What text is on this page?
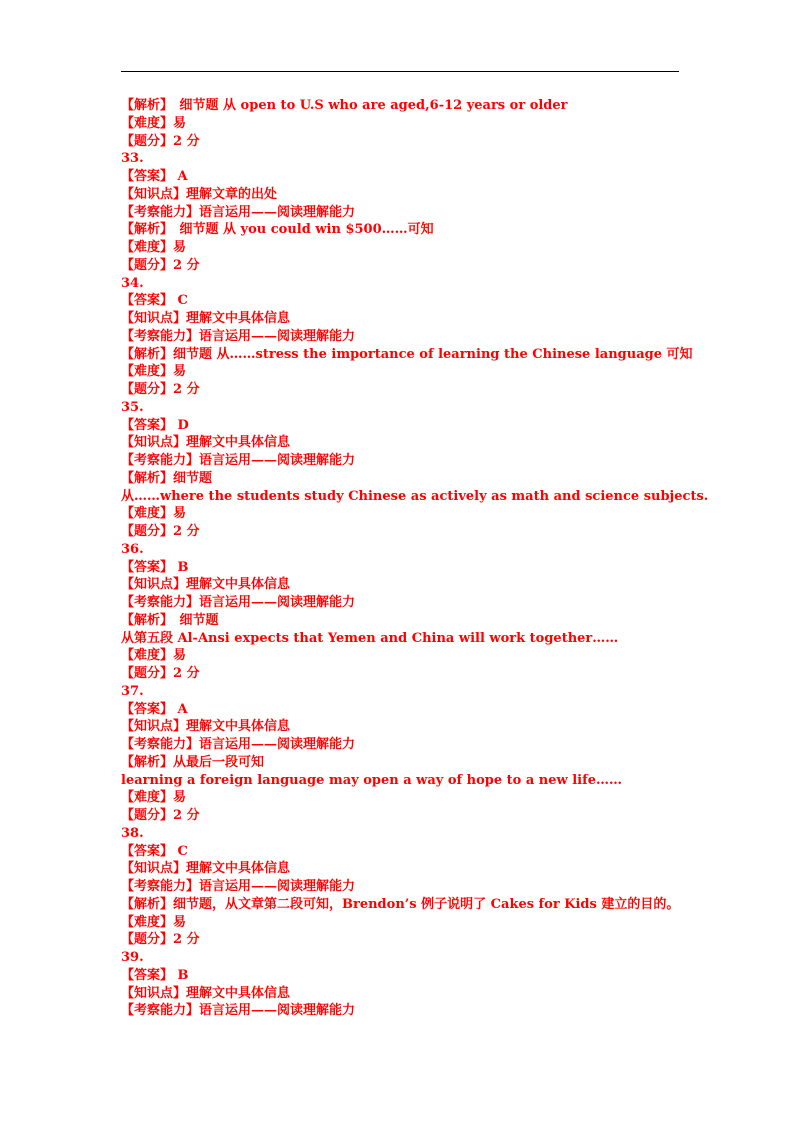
【解析】　细节题 从 open to U.S who are aged,6-12 years or older
【难度】易
【题分】2 分
33.
【答案】 A
【知识点】理解文章的出处
【考察能力】语言运用——阅读理解能力
【解析】　细节题 从 you could win $500……可知
【难度】易
【题分】2 分
34.
【答案】 C
【知识点】理解文中具体信息
【考察能力】语言运用——阅读理解能力
【解析】细节题 从……stress the importance of learning the Chinese language 可知
【难度】易
【题分】2 分
35.
【答案】 D
【知识点】理解文中具体信息
【考察能力】语言运用——阅读理解能力
【解析】细节题
从……where the students study Chinese as actively as math and science subjects.
【难度】易
【题分】2 分
36.
【答案】 B
【知识点】理解文中具体信息
【考察能力】语言运用——阅读理解能力
【解析】　细节题
从第五段 Al-Ansi expects that Yemen and China will work together……
【难度】易
【题分】2 分
37.
【答案】 A
【知识点】理解文中具体信息
【考察能力】语言运用——阅读理解能力
【解析】从最后一段可知
learning a foreign language may open a way of hope to a new life……
【难度】易
【题分】2 分
38.
【答案】 C
【知识点】理解文中具体信息
【考察能力】语言运用——阅读理解能力
【解析】细节题，从文章第二段可知，Brendon’s 例子说明了 Cakes for Kids 建立的目的。
【难度】易
【题分】2 分
39.
【答案】 B
【知识点】理解文中具体信息
【考察能力】语言运用——阅读理解能力
